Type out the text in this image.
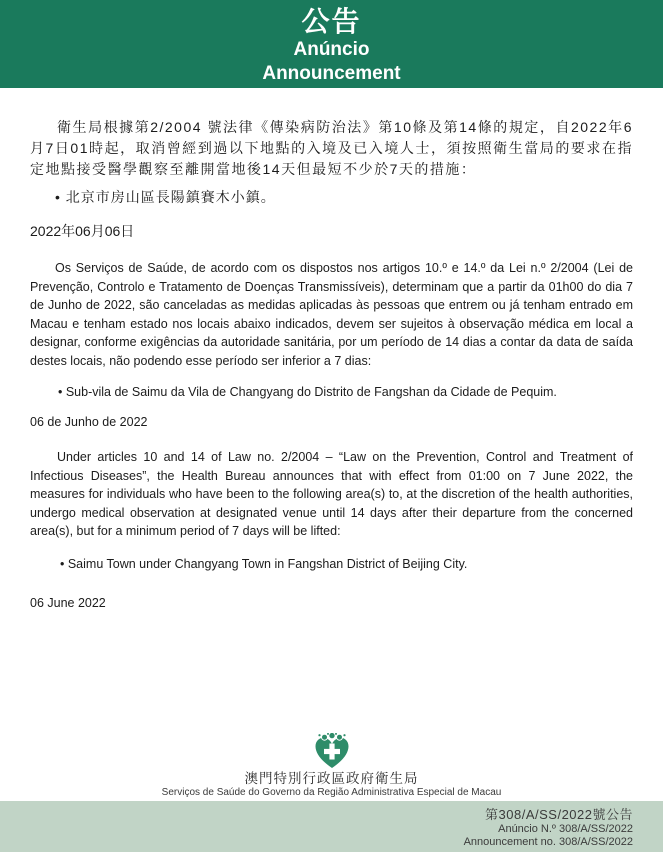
公告
Anúncio
Announcement

衛生局根據第2/2004 號法律《傳染病防治法》第10條及第14條的規定，自2022年6月7日01時起，取消曾經到過以下地點的入境及已入境人士，須按照衛生當局的要求在指定地點接受醫學觀察至離開當地後14天但最短不少於7天的措施：

• 北京市房山區長陽鎮賽木小鎮。

2022年06月06日

Os Serviços de Saúde, de acordo com os dispostos nos artigos 10.º e 14.º da Lei n.º 2/2004 (Lei de Prevenção, Controlo e Tratamento de Doenças Transmissíveis), determinam que a partir da 01h00 do dia 7 de Junho de 2022, são canceladas as medidas aplicadas às pessoas que entrem ou já tenham entrado em Macau e tenham estado nos locais abaixo indicados, devem ser sujeitos à observação médica em local a designar, conforme exigências da autoridade sanitária, por um período de 14 dias a contar da data de saída destes locais, não podendo esse período ser inferior a 7 dias:

• Sub-vila de Saimu da Vila de Changyang do Distrito de Fangshan da Cidade de Pequim.

06 de Junho de 2022

Under articles 10 and 14 of Law no. 2/2004 – “Law on the Prevention, Control and Treatment of Infectious Diseases”, the Health Bureau announces that with effect from 01:00 on 7 June 2022, the measures for individuals who have been to the following area(s) to, at the discretion of the health authorities, undergo medical observation at designated venue until 14 days after their departure from the concerned area(s), but for a minimum period of 7 days will be lifted:

• Saimu Town under Changyang Town in Fangshan District of Beijing City.

06 June 2022

澳門特別行政區政府衛生局
Serviços de Saúde do Governo da Região Administrativa Especial de Macau
第308/A/SS/2022號公告
Anúncio N.º 308/A/SS/2022
Announcement no. 308/A/SS/2022
